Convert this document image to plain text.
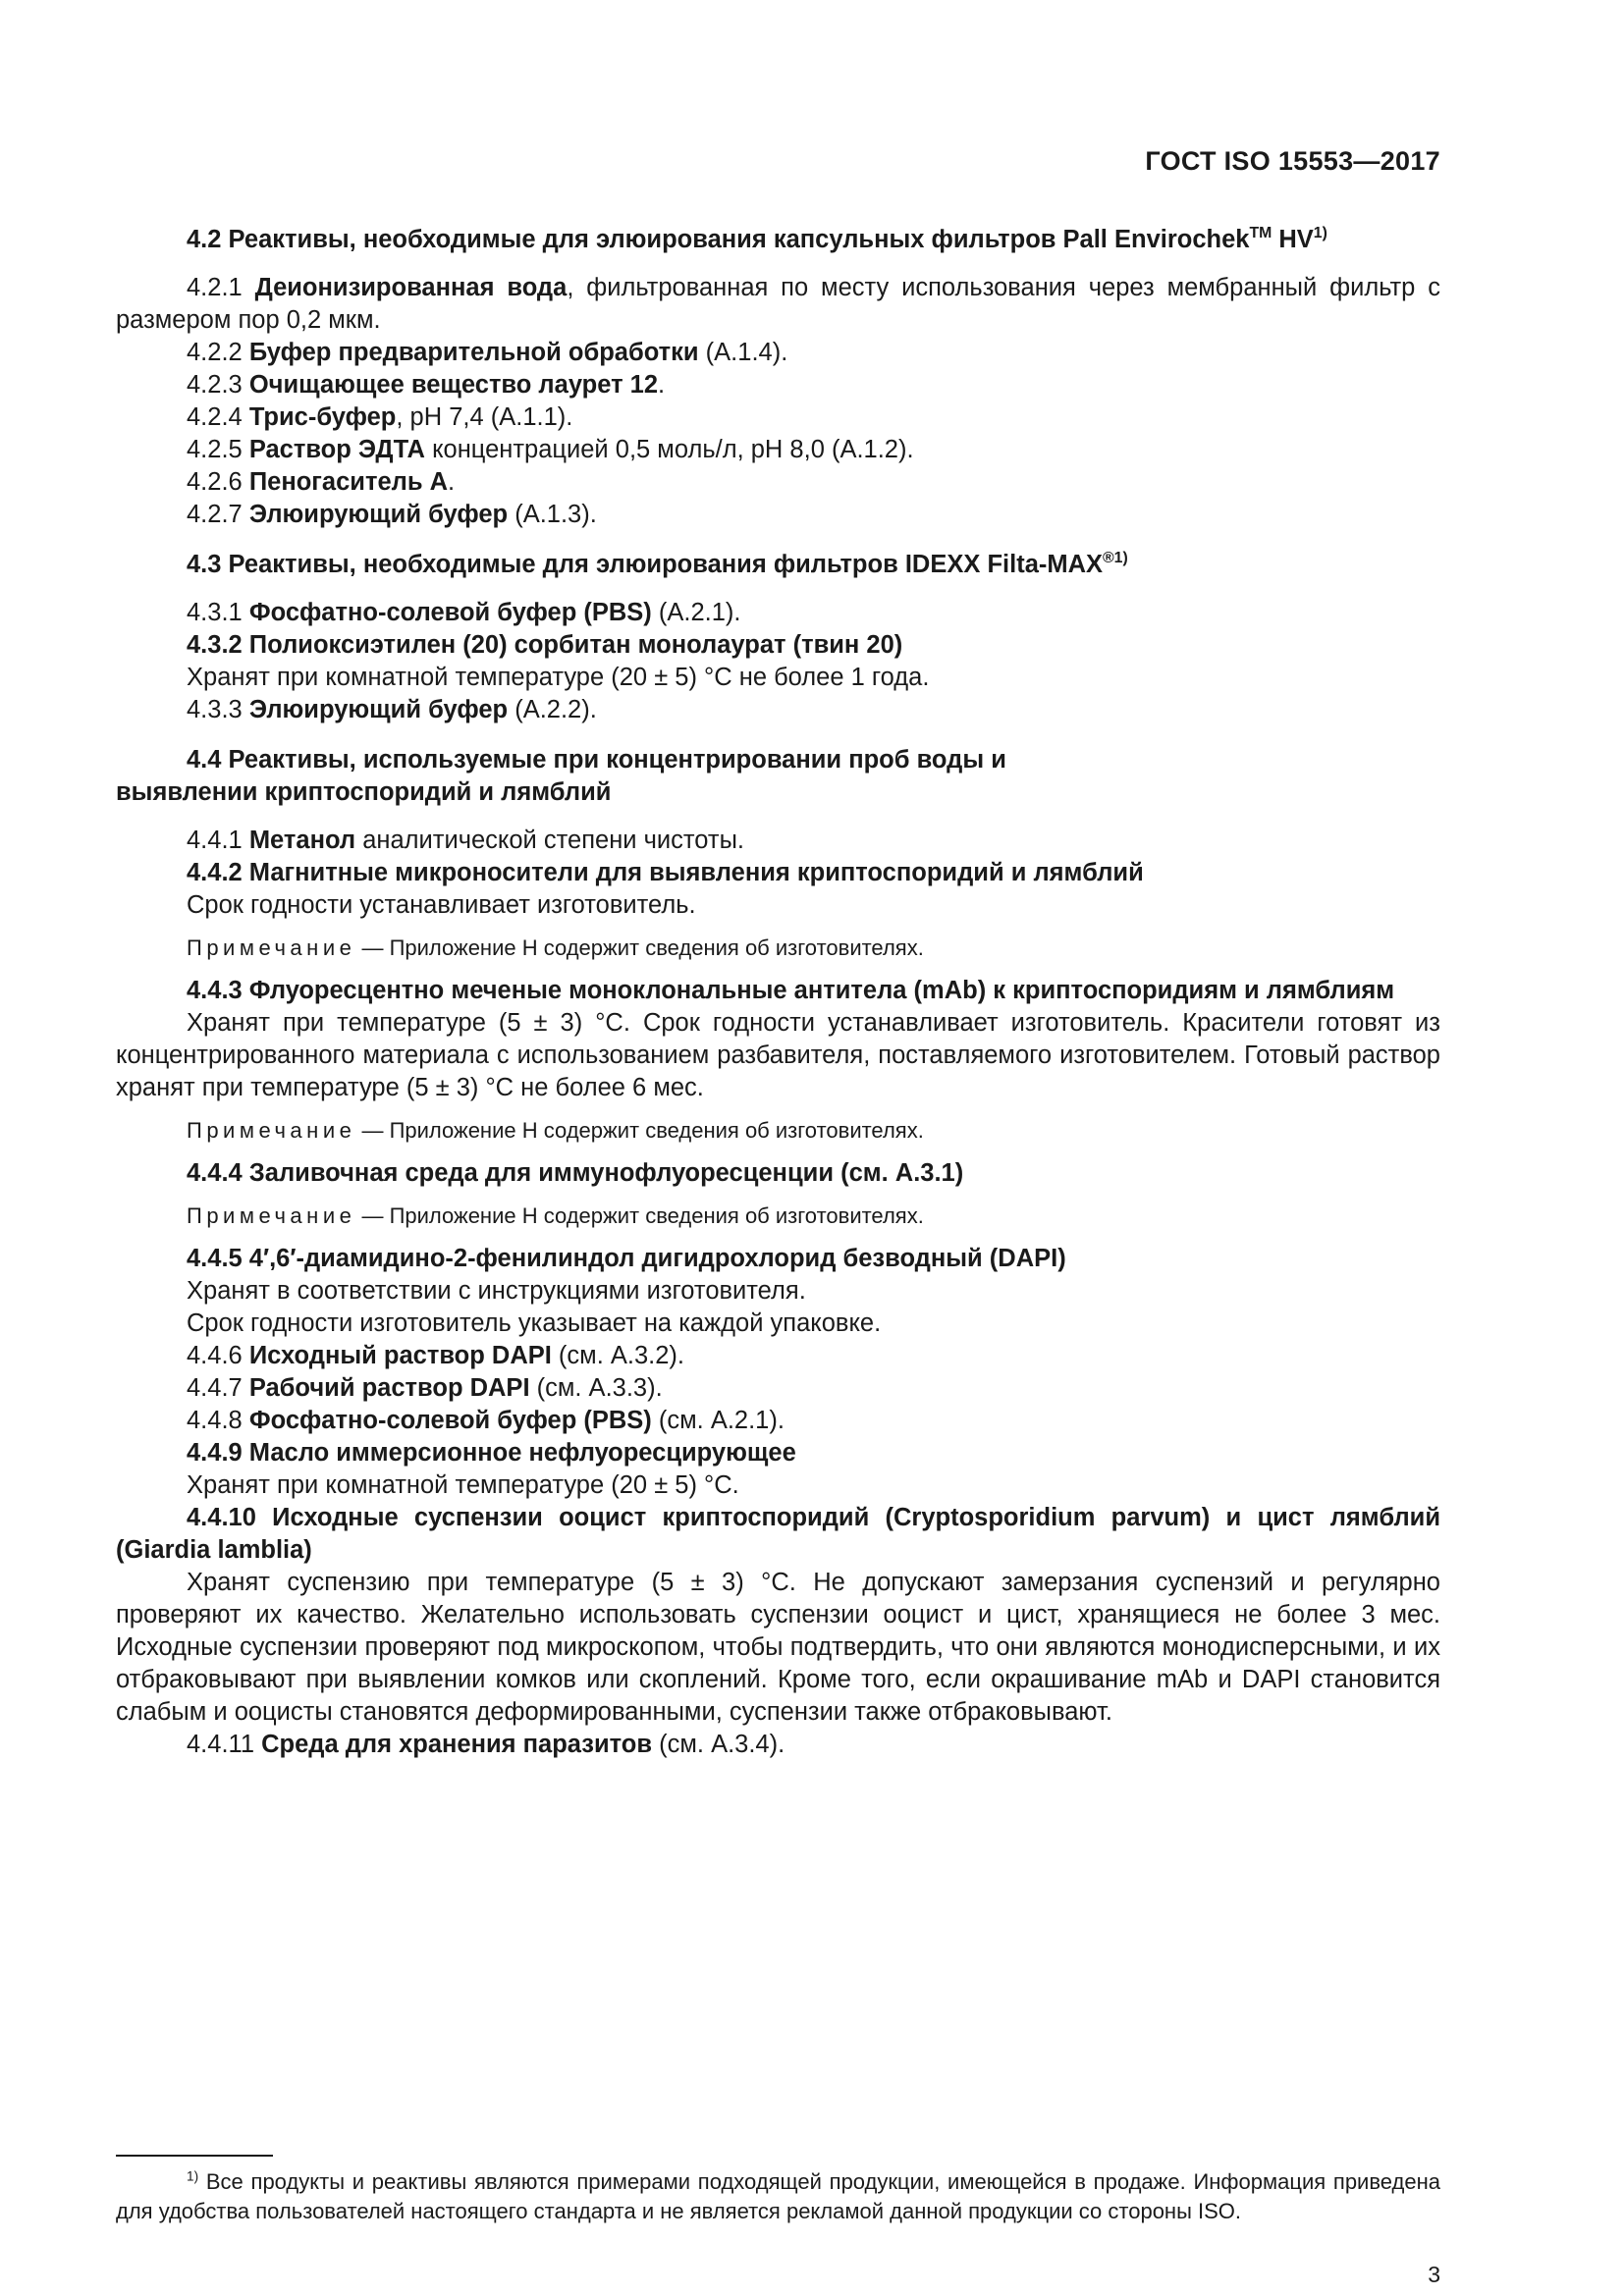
ГОСТ ISO 15553—2017

4.2 Реактивы, необходимые для элюирования капсульных фильтров Pall Envirochek™ HV$^{1)}$

4.2.1 Деионизированная вода, фильтрованная по месту использования через мембранный фильтр с размером пор 0,2 мкм.

4.2.2 Буфер предварительной обработки (А.1.4).

4.2.3 Очищающее вещество лаурет 12.

4.2.4 Трис-буфер, pH 7,4 (А.1.1).

4.2.5 Раствор ЭДТА концентрацией 0,5 моль/л, pH 8,0 (А.1.2).

4.2.6 Пеногаситель А.

4.2.7 Элюирующий буфер (А.1.3).

4.3 Реактивы, необходимые для элюирования фильтров IDEXX Filta-$MAX^{®1)}$

4.3.1 Фосфатно-солевой буфер (PBS) (А.2.1).

4.3.2 Полиоксиэтилен (20) сорбитан монолаурат (твин 20)

Хранят при комнатной температуре (20 ± 5) °С не более 1 года.

4.3.3 Элюирующий буфер (А.2.2).

4.4 Реактивы, используемые при концентрировании проб воды и выявлении криптоспоридий и лямблий

4.4.1 Метанол аналитической степени чистоты.

4.4.2 Магнитные микроносители для выявления криптоспоридий и лямблий

Срок годности устанавливает изготовитель.

Примечание — Приложение Н содержит сведения об изготовителях.

4.4.3 Флуоресцентно меченые моноклональные антитела (mAb) к криптоспоридиям и лямблиям

Хранят при температуре (5 ± 3) °С. Срок годности устанавливает изготовитель. Красители готовят из концентрированного материала с использованием разбавителя, поставляемого изготовителем. Готовый раствор хранят при температуре (5 ± 3) °С не более 6 мес.

Примечание — Приложение Н содержит сведения об изготовителях.

4.4.4 Заливочная среда для иммунофлуоресценции (см. А.3.1)

Примечание — Приложение Н содержит сведения об изготовителях.

4.4.5 4′,6′-диамидино-2-фенилиндол дигидрохлорид безводный (DAPI)

Хранят в соответствии с инструкциями изготовителя.

Срок годности изготовитель указывает на каждой упаковке.

4.4.6 Исходный раствор DAPI (см. А.3.2).

4.4.7 Рабочий раствор DAPI (см. А.3.3).

4.4.8 Фосфатно-солевой буфер (PBS) (см. А.2.1).

4.4.9 Масло иммерсионное нефлуоресцирующее

Хранят при комнатной температуре (20 ± 5) °С.

4.4.10 Исходные суспензии ооцист криптоспоридий (Cryptosporidium parvum) и цист лямблий (Giardia lamblia)

Хранят суспензию при температуре (5 ± 3) °С. Не допускают замерзания суспензий и регулярно проверяют их качество. Желательно использовать суспензии ооцист и цист, хранящиеся не более 3 мес. Исходные суспензии проверяют под микроскопом, чтобы подтвердить, что они являются монодисперсными, и их отбраковывают при выявлении комков или скоплений. Кроме того, если окрашивание mAb и DAPI становится слабым и ооцисты становятся деформированными, суспензии также отбраковывают.

4.4.11 Среда для хранения паразитов (см. А.3.4).

$^{1)}$ Все продукты и реактивы являются примерами подходящей продукции, имеющейся в продаже. Информация приведена для удобства пользователей настоящего стандарта и не является рекламой данной продукции со стороны ISO.

3
